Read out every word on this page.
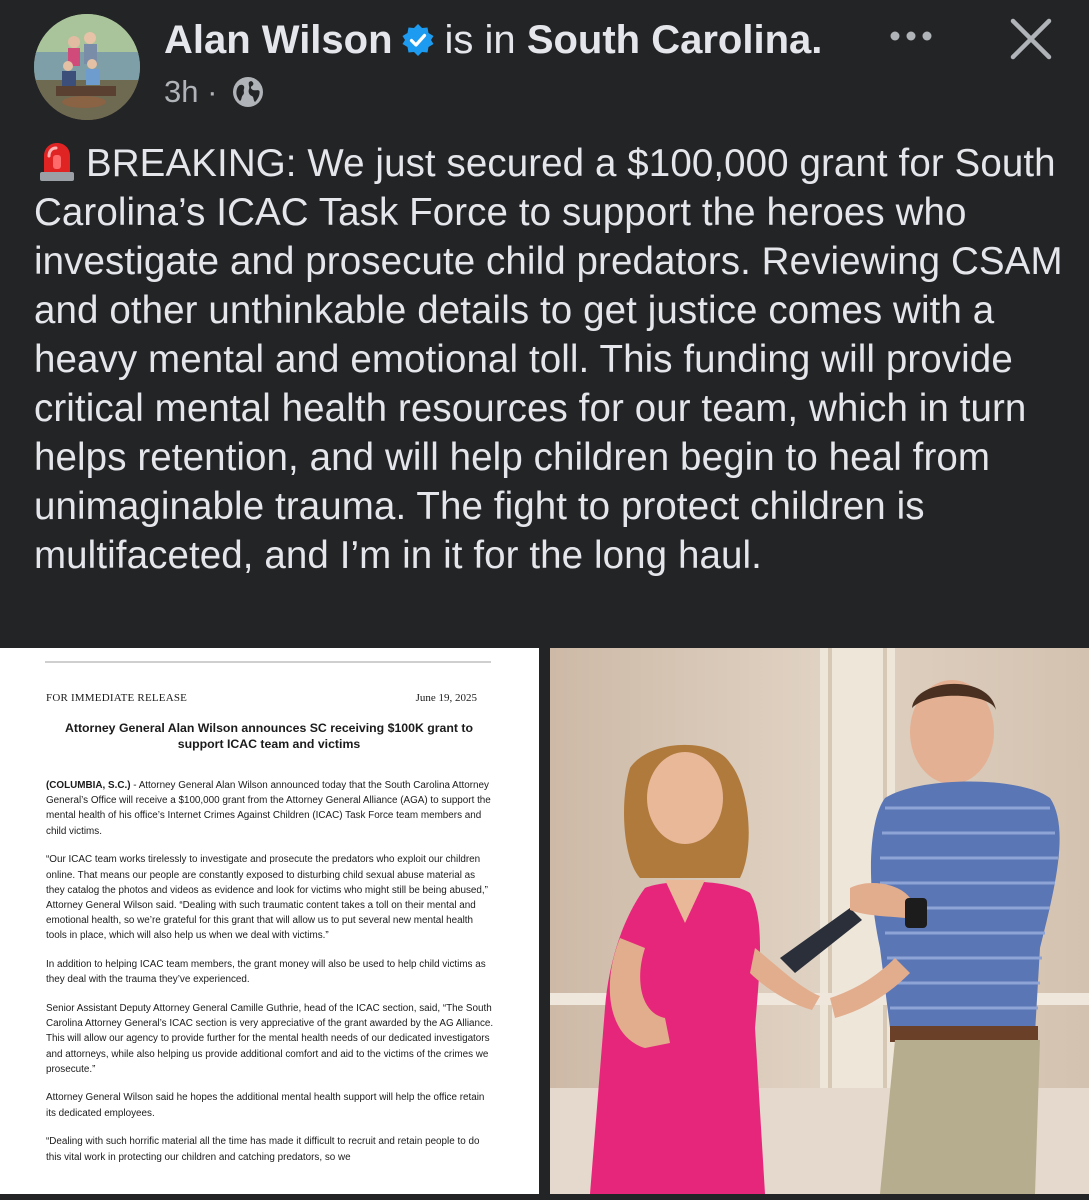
Alan Wilson is in South Carolina.
3h ·
BREAKING: We just secured a $100,000 grant for South Carolina’s ICAC Task Force to support the heroes who investigate and prosecute child predators. Reviewing CSAM and other unthinkable details to get justice comes with a heavy mental and emotional toll. This funding will provide critical mental health resources for our team, which in turn helps retention, and will help children begin to heal from unimaginable trauma. The fight to protect children is multifaceted, and I’m in it for the long haul.
FOR IMMEDIATE RELEASE	June 19, 2025
Attorney General Alan Wilson announces SC receiving $100K grant to support ICAC team and victims

(COLUMBIA, S.C.) - Attorney General Alan Wilson announced today that the South Carolina Attorney General’s Office will receive a $100,000 grant from the Attorney General Alliance (AGA) to support the mental health of his office’s Internet Crimes Against Children (ICAC) Task Force team members and child victims.

“Our ICAC team works tirelessly to investigate and prosecute the predators who exploit our children online. That means our people are constantly exposed to disturbing child sexual abuse material as they catalog the photos and videos as evidence and look for victims who might still be being abused,” Attorney General Wilson said. “Dealing with such traumatic content takes a toll on their mental and emotional health, so we’re grateful for this grant that will allow us to put several new mental health tools in place, which will also help us when we deal with victims.”

In addition to helping ICAC team members, the grant money will also be used to help child victims as they deal with the trauma they’ve experienced.

Senior Assistant Deputy Attorney General Camille Guthrie, head of the ICAC section, said, “The South Carolina Attorney General’s ICAC section is very appreciative of the grant awarded by the AG Alliance. This will allow our agency to provide further for the mental health needs of our dedicated investigators and attorneys, while also helping us provide additional comfort and aid to the victims of the crimes we prosecute.”

Attorney General Wilson said he hopes the additional mental health support will help the office retain its dedicated employees.

“Dealing with such horrific material all the time has made it difficult to recruit and retain people to do this vital work in protecting our children and catching predators, so we
